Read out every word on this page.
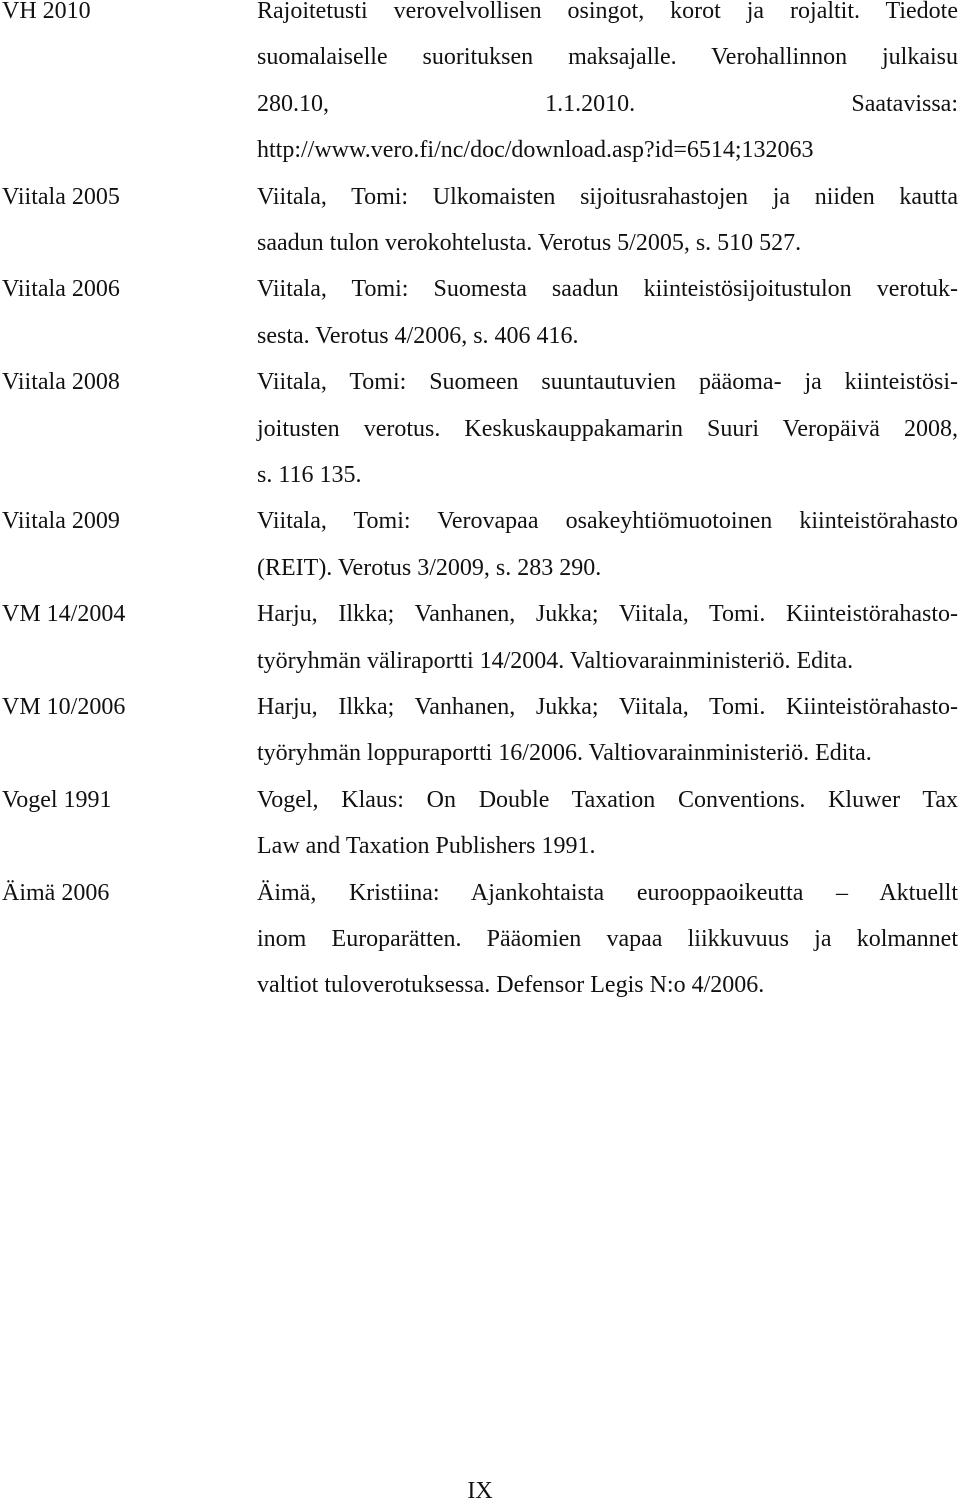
VH 2010	Rajoitetusti verovelvollisen osingot, korot ja rojaltit. Tiedote
suomalaiselle suorituksen maksajalle. Verohallinnon julkaisu
280.10, 1.1.2010. Saatavissa:
http://www.vero.fi/nc/doc/download.asp?id=6514;132063
Viitala 2005	Viitala, Tomi: Ulkomaisten sijoitusrahastojen ja niiden kautta
saadun tulon verokohtelusta. Verotus 5/2005, s. 510 527.
Viitala 2006	Viitala, Tomi: Suomesta saadun kiinteistösijoitustulon verotuk-
sesta. Verotus 4/2006, s. 406 416.
Viitala 2008	Viitala, Tomi: Suomeen suuntautuvien pääoma- ja kiinteistösi-
joitusten verotus. Keskuskauppakamarin Suuri Veropäivä 2008,
s. 116 135.
Viitala 2009	Viitala, Tomi: Verovapaa osakeyhtiömuotoinen kiinteistörahasto
(REIT). Verotus 3/2009, s. 283 290.
VM 14/2004	Harju, Ilkka; Vanhanen, Jukka; Viitala, Tomi. Kiinteistörahasto-
työryhmän väliraportti 14/2004. Valtiovarainministeriö. Edita.
VM 10/2006	Harju, Ilkka; Vanhanen, Jukka; Viitala, Tomi. Kiinteistörahasto-
työryhmän loppuraportti 16/2006. Valtiovarainministeriö. Edita.
Vogel 1991	Vogel, Klaus: On Double Taxation Conventions. Kluwer Tax
Law and Taxation Publishers 1991.
Äimä 2006	Äimä, Kristiina: Ajankohtaista eurooppaoikeutta – Aktuellt
inom Europarätten. Pääomien vapaa liikkuvuus ja kolmannet
valtiot tuloverotuksessa. Defensor Legis N:o 4/2006.
IX
